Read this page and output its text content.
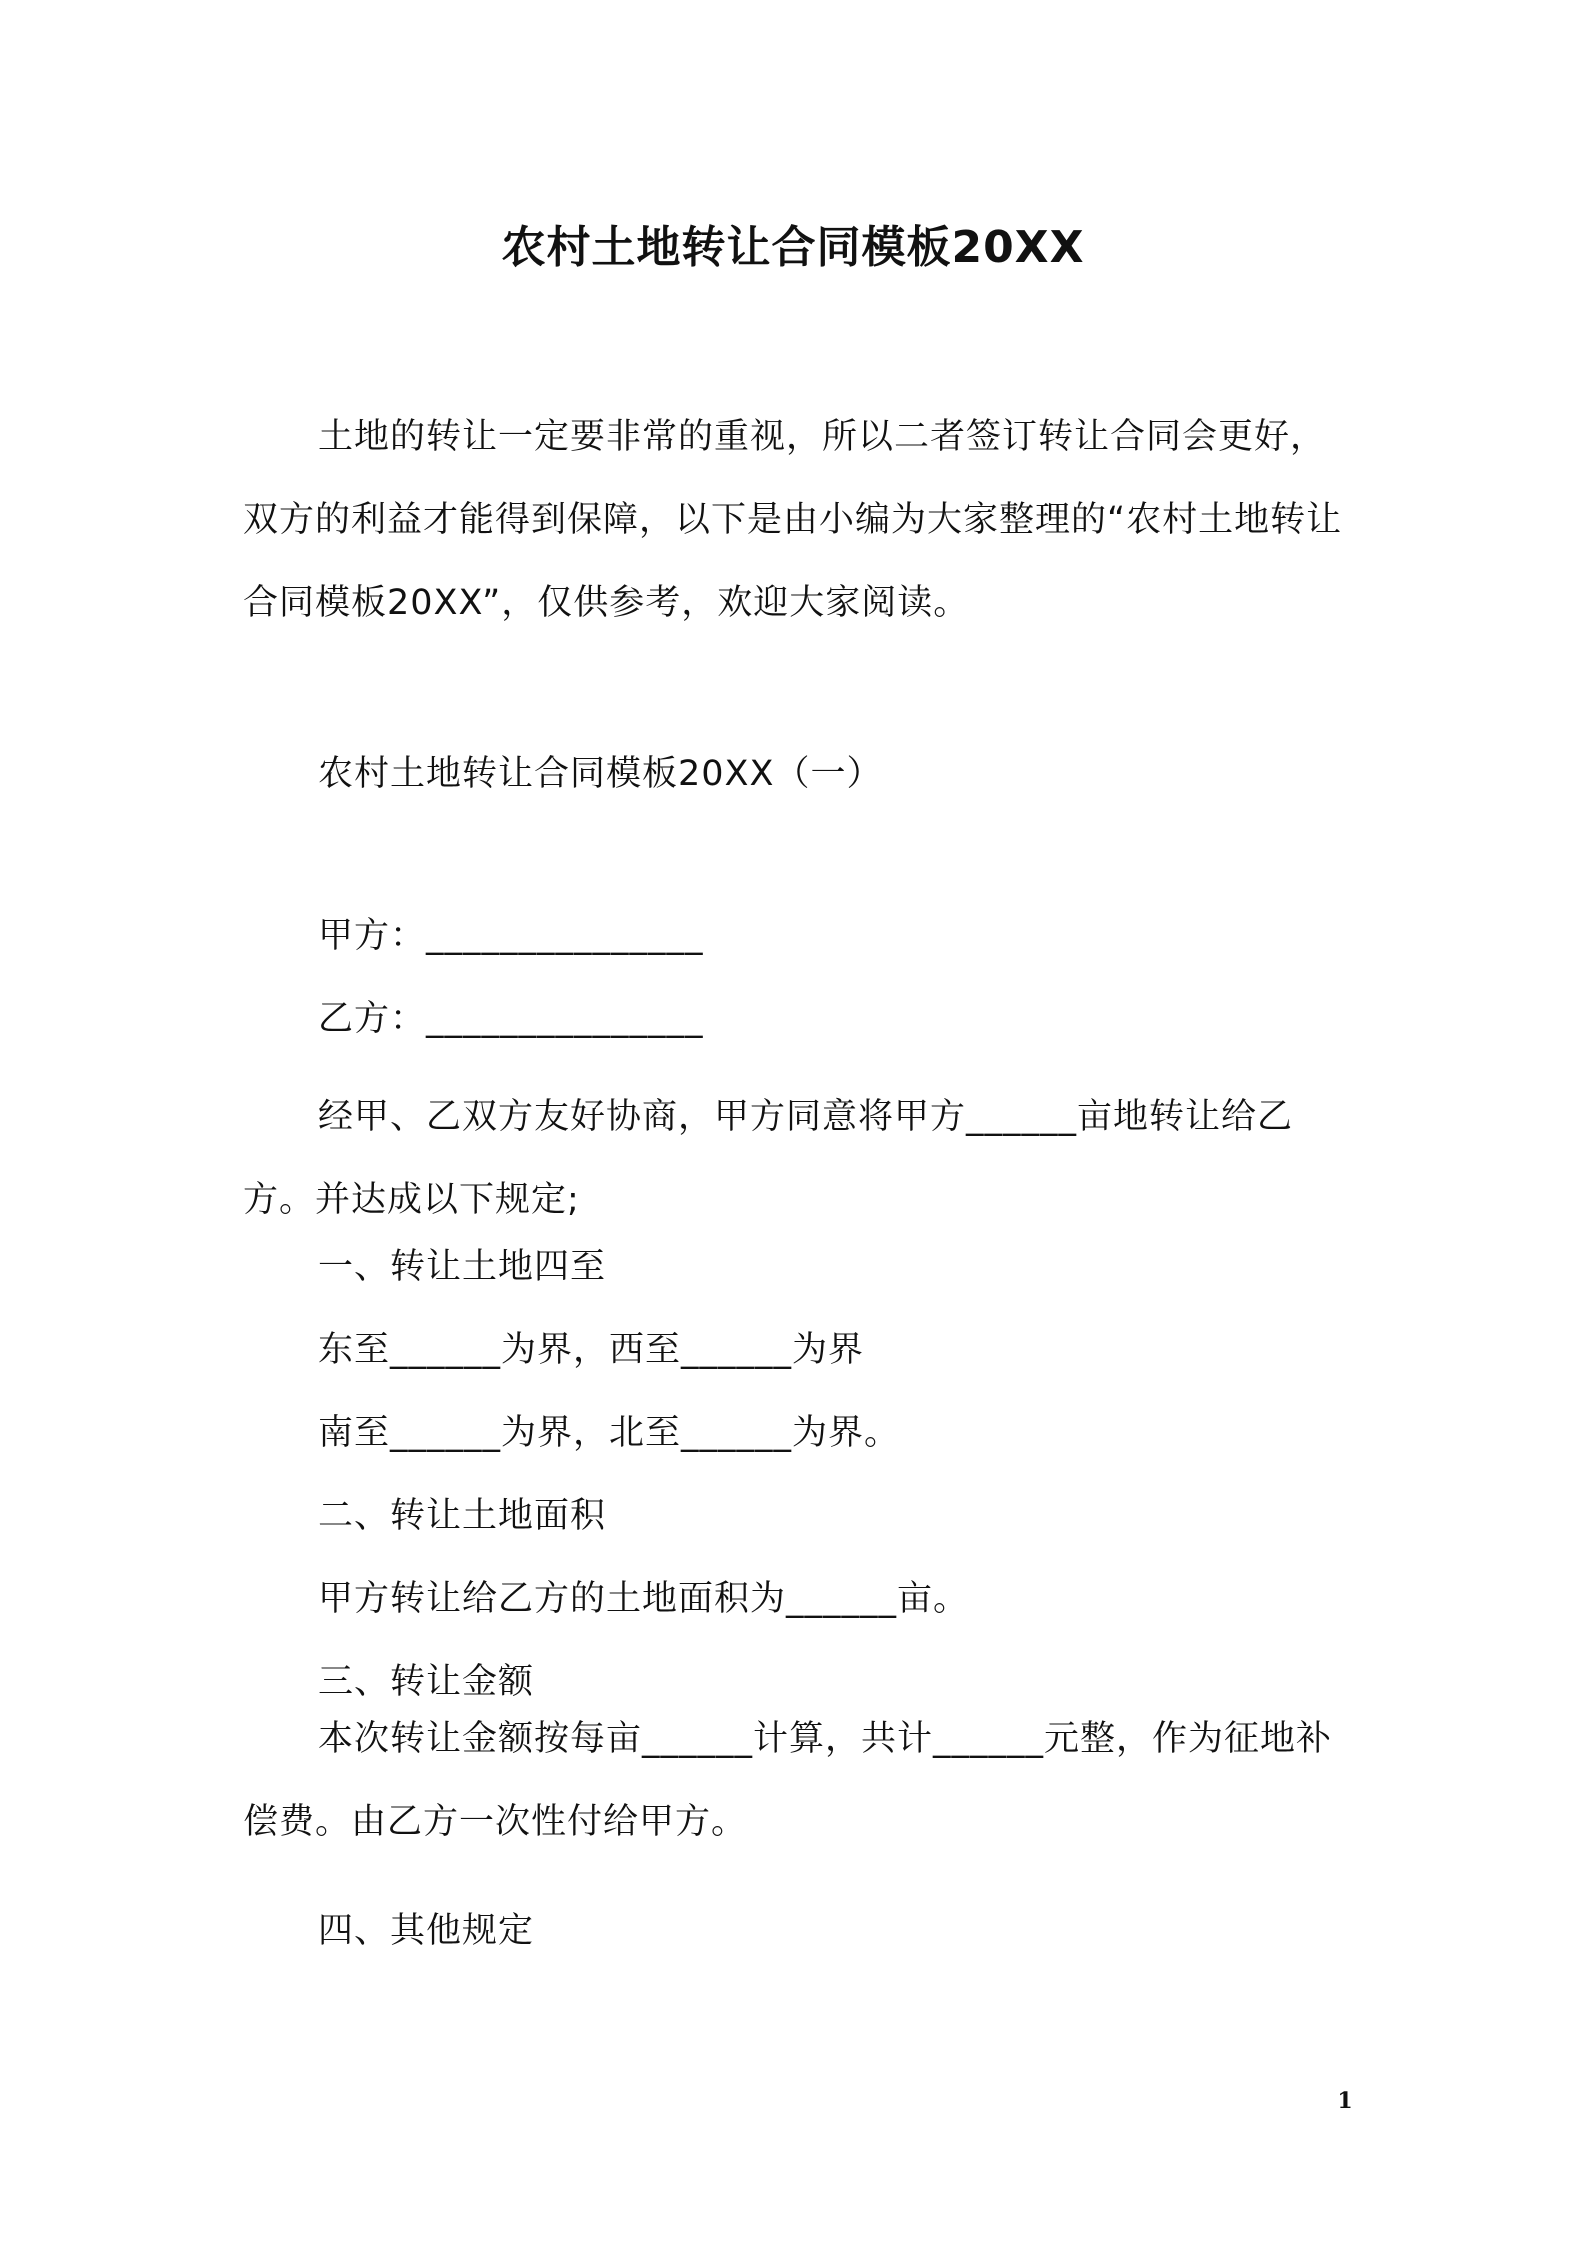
农村土地转让合同模板20XX
土地的转让一定要非常的重视，所以二者签订转让合同会更好，双方的利益才能得到保障，以下是由小编为大家整理的“农村土地转让合同模板20XX”，仅供参考，欢迎大家阅读。
农村土地转让合同模板20XX（一）
甲方：_______________
乙方：_______________
经甲、乙双方友好协商，甲方同意将甲方______亩地转让给乙方。并达成以下规定;
一、转让土地四至
东至______为界，西至______为界
南至______为界，北至______为界。
二、转让土地面积
甲方转让给乙方的土地面积为______亩。
三、转让金额
本次转让金额按每亩______计算，共计______元整，作为征地补偿费。由乙方一次性付给甲方。
四、其他规定
1
